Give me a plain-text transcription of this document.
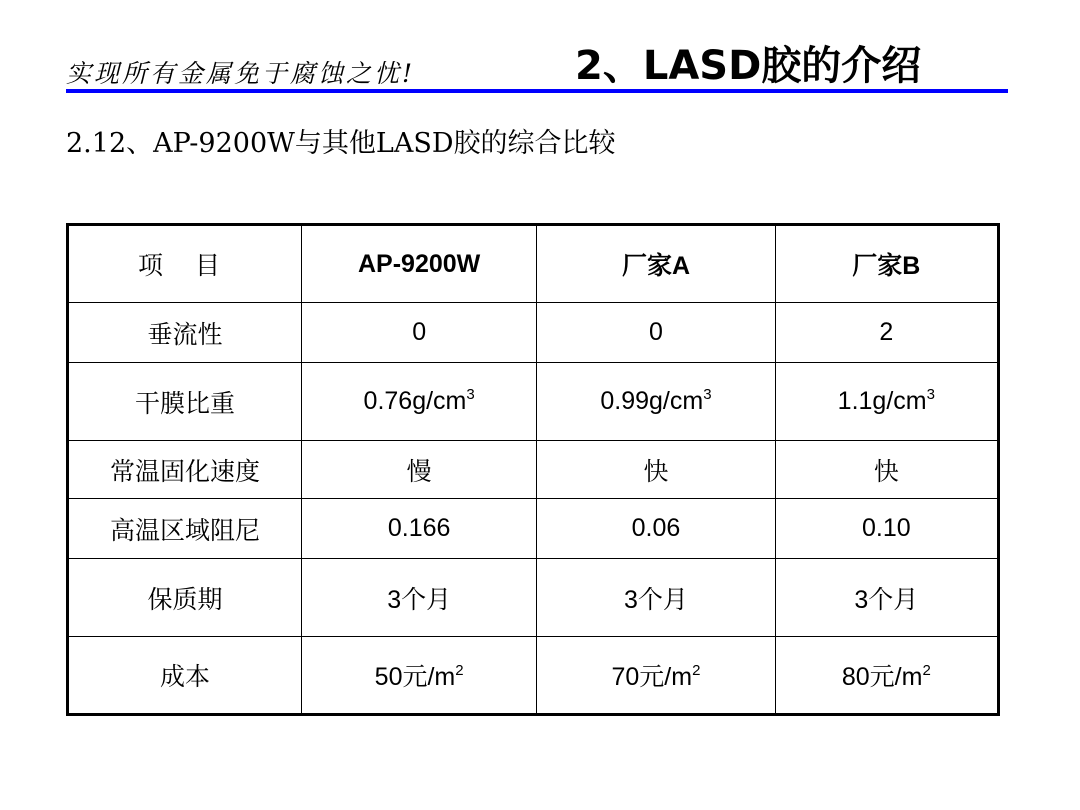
实现所有金属免于腐蚀之忧!	2、LASD胶的介绍
2.12、AP-9200W与其他LASD胶的综合比较
项 目	AP-9200W	厂家A	厂家B
垂流性	0	0	2
干膜比重	$0.76g/cm^3$	$0.99g/cm^3$	$1.1g/cm^3$
常温固化速度	慢	快	快
高温区域阻尼	0.166	0.06	0.10
保质期	3个月	3个月	3个月
成本	50元$/m^2$	70元$/m^2$	80元$/m^2$
